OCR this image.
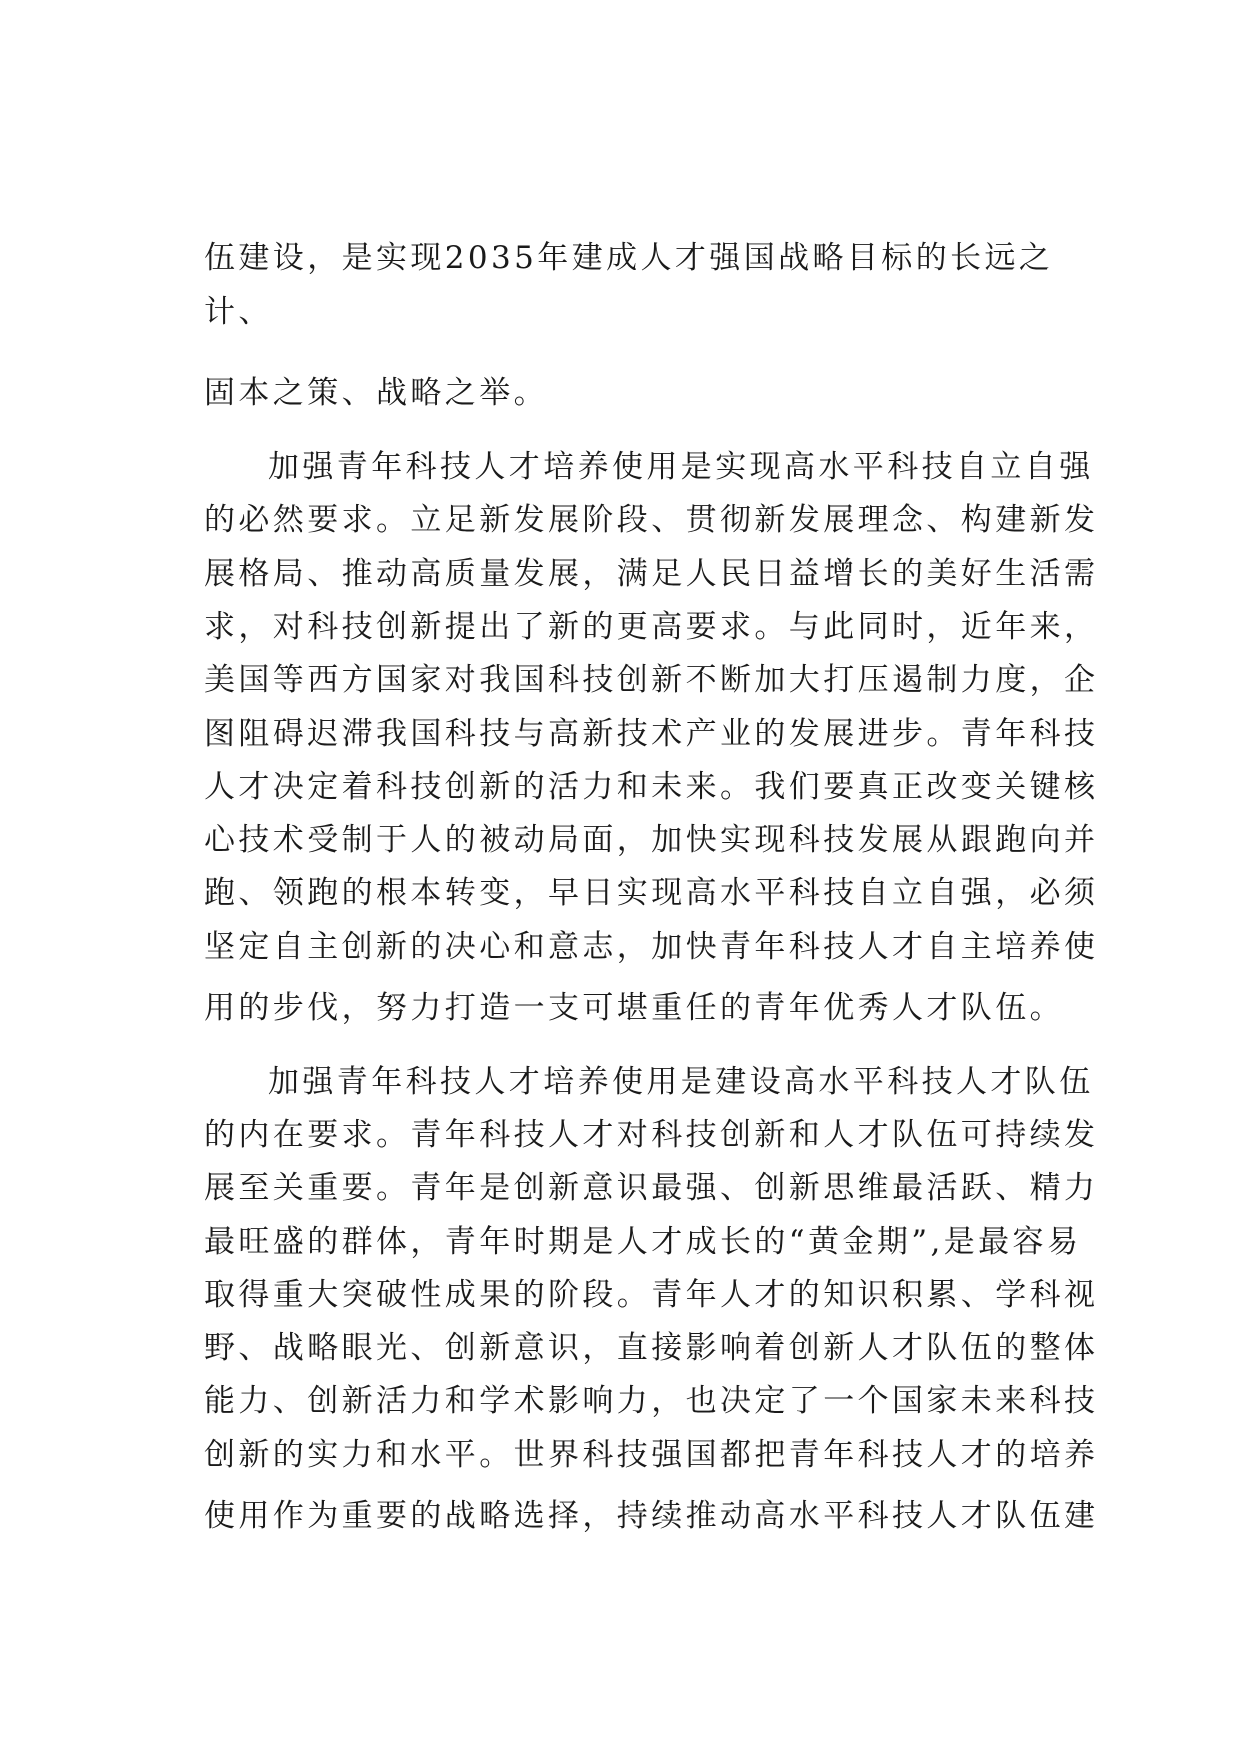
伍建设，是实现2035年建成人才强国战略目标的长远之

计、

固本之策、战略之举。

加强青年科技人才培养使用是实现高水平科技自立自强

的必然要求。立足新发展阶段、贯彻新发展理念、构建新发

展格局、推动高质量发展，满足人民日益增长的美好生活需

求，对科技创新提出了新的更高要求。与此同时，近年来，

美国等西方国家对我国科技创新不断加大打压遏制力度，企

图阻碍迟滞我国科技与高新技术产业的发展进步。青年科技

人才决定着科技创新的活力和未来。我们要真正改变关键核

心技术受制于人的被动局面，加快实现科技发展从跟跑向并

跑、领跑的根本转变，早日实现高水平科技自立自强，必须

坚定自主创新的决心和意志，加快青年科技人才自主培养使

用的步伐，努力打造一支可堪重任的青年优秀人才队伍。

加强青年科技人才培养使用是建设高水平科技人才队伍

的内在要求。青年科技人才对科技创新和人才队伍可持续发

展至关重要。青年是创新意识最强、创新思维最活跃、精力

最旺盛的群体，青年时期是人才成长的“黄金期”,是最容易

取得重大突破性成果的阶段。青年人才的知识积累、学科视

野、战略眼光、创新意识，直接影响着创新人才队伍的整体

能力、创新活力和学术影响力，也决定了一个国家未来科技

创新的实力和水平。世界科技强国都把青年科技人才的培养

使用作为重要的战略选择，持续推动高水平科技人才队伍建
